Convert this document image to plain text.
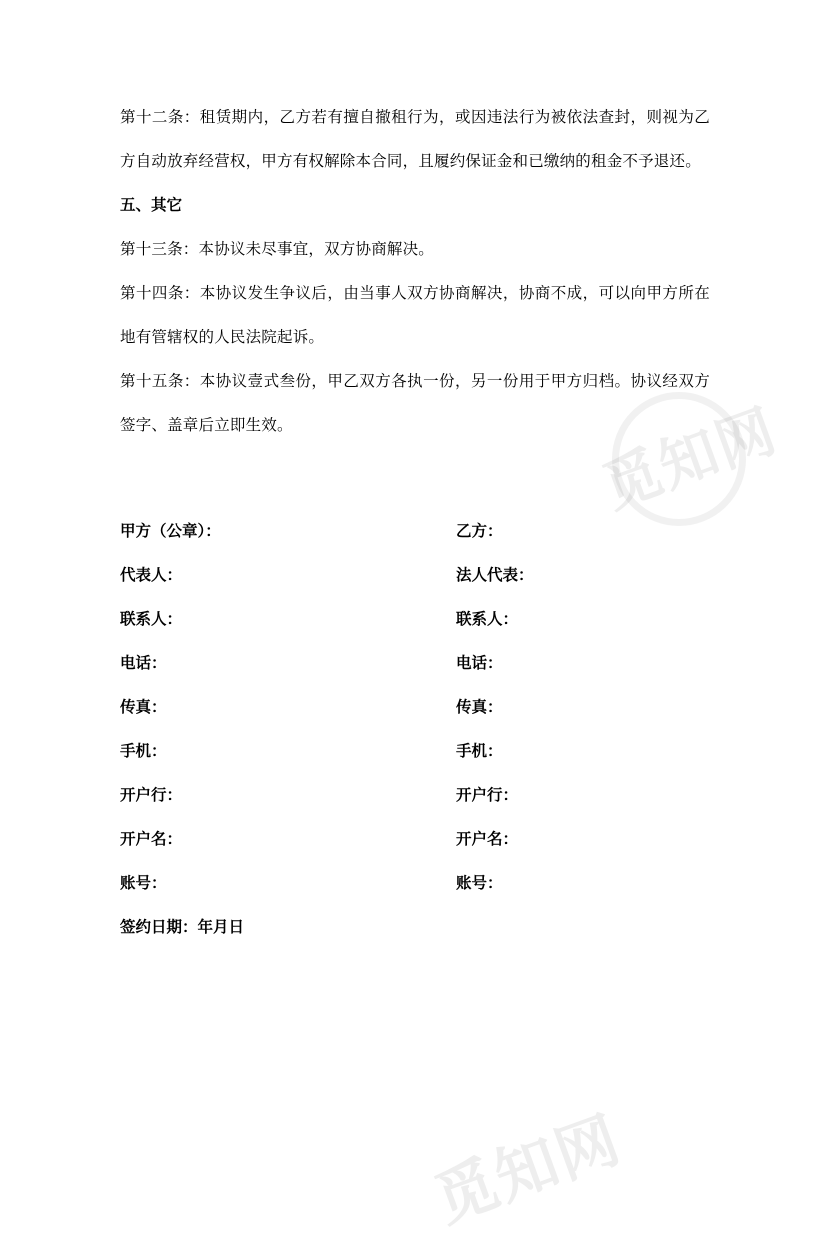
第十二条：租赁期内，乙方若有擅自撤租行为，或因违法行为被依法查封，则视为乙方自动放弃经营权，甲方有权解除本合同，且履约保证金和已缴纳的租金不予退还。

五、其它

第十三条：本协议未尽事宜，双方协商解决。

第十四条：本协议发生争议后，由当事人双方协商解决，协商不成，可以向甲方所在地有管辖权的人民法院起诉。

第十五条：本协议壹式叁份，甲乙双方各执一份，另一份用于甲方归档。协议经双方签字、盖章后立即生效。

甲方（公章）：	乙方：
代表人：	法人代表：
联系人：	联系人：
电话：	电话：
传真：	传真：
手机：	手机：
开户行：	开户行：
开户名：	开户名：
账号：	账号：
签约日期：年月日
觅知网
觅知网
